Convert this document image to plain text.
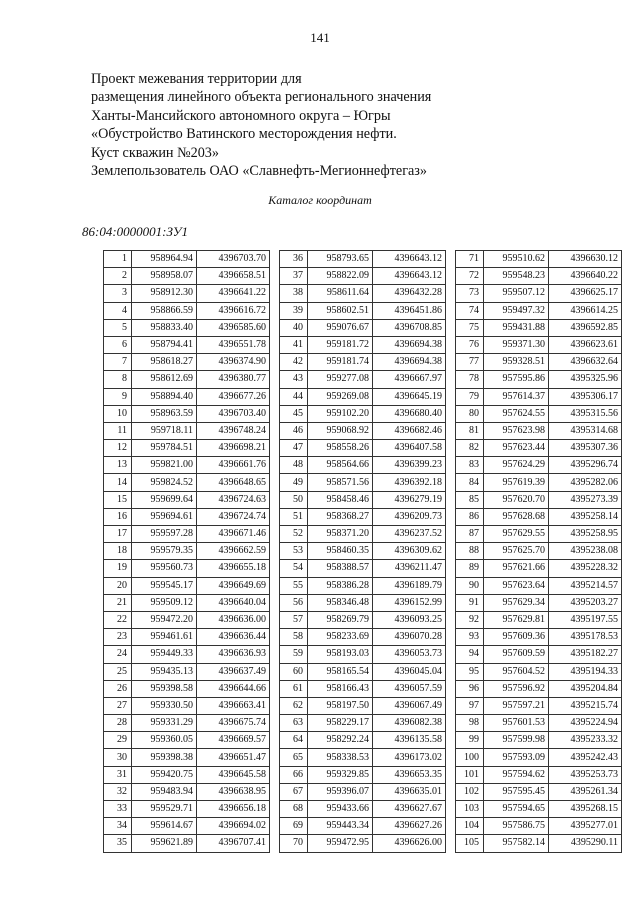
141
Проект межевания территории для
размещения линейного объекта регионального значения
Ханты-Мансийского автономного округа – Югры
«Обустройство Ватинского месторождения нефти.
Куст скважин №203»
Землепользователь ОАО «Славнефть-Мегионнефтегаз»
Каталог координат
86:04:0000001:ЗУ1
1	958964.94	4396703.70
2	958958.07	4396658.51
3	958912.30	4396641.22
4	958866.59	4396616.72
5	958833.40	4396585.60
6	958794.41	4396551.78
7	958618.27	4396374.90
8	958612.69	4396380.77
9	958894.40	4396677.26
10	958963.59	4396703.40
11	959718.11	4396748.24
12	959784.51	4396698.21
13	959821.00	4396661.76
14	959824.52	4396648.65
15	959699.64	4396724.63
16	959694.61	4396724.74
17	959597.28	4396671.46
18	959579.35	4396662.59
19	959560.73	4396655.18
20	959545.17	4396649.69
21	959509.12	4396640.04
22	959472.20	4396636.00
23	959461.61	4396636.44
24	959449.33	4396636.93
25	959435.13	4396637.49
26	959398.58	4396644.66
27	959330.50	4396663.41
28	959331.29	4396675.74
29	959360.05	4396669.57
30	959398.38	4396651.47
31	959420.75	4396645.58
32	959483.94	4396638.95
33	959529.71	4396656.18
34	959614.67	4396694.02
35	959621.89	4396707.41
36	958793.65	4396643.12
37	958822.09	4396643.12
38	958611.64	4396432.28
39	958602.51	4396451.86
40	959076.67	4396708.85
41	959181.72	4396694.38
42	959181.74	4396694.38
43	959277.08	4396667.97
44	959269.08	4396645.19
45	959102.20	4396680.40
46	959068.92	4396682.46
47	958558.26	4396407.58
48	958564.66	4396399.23
49	958571.56	4396392.18
50	958458.46	4396279.19
51	958368.27	4396209.73
52	958371.20	4396237.52
53	958460.35	4396309.62
54	958388.57	4396211.47
55	958386.28	4396189.79
56	958346.48	4396152.99
57	958269.79	4396093.25
58	958233.69	4396070.28
59	958193.03	4396053.73
60	958165.54	4396045.04
61	958166.43	4396057.59
62	958197.50	4396067.49
63	958229.17	4396082.38
64	958292.24	4396135.58
65	958338.53	4396173.02
66	959329.85	4396653.35
67	959396.07	4396635.01
68	959433.66	4396627.67
69	959443.34	4396627.26
70	959472.95	4396626.00
71	959510.62	4396630.12
72	959548.23	4396640.22
73	959507.12	4396625.17
74	959497.32	4396614.25
75	959431.88	4396592.85
76	959371.30	4396623.61
77	959328.51	4396632.64
78	957595.86	4395325.96
79	957614.37	4395306.17
80	957624.55	4395315.56
81	957623.98	4395314.68
82	957623.44	4395307.36
83	957624.29	4395296.74
84	957619.39	4395282.06
85	957620.70	4395273.39
86	957628.68	4395258.14
87	957629.55	4395258.95
88	957625.70	4395238.08
89	957621.66	4395228.32
90	957623.64	4395214.57
91	957629.34	4395203.27
92	957629.81	4395197.55
93	957609.36	4395178.53
94	957609.59	4395182.27
95	957604.52	4395194.33
96	957596.92	4395204.84
97	957597.21	4395215.74
98	957601.53	4395224.94
99	957599.98	4395233.32
100	957593.09	4395242.43
101	957594.62	4395253.73
102	957595.45	4395261.34
103	957594.65	4395268.15
104	957586.75	4395277.01
105	957582.14	4395290.11
